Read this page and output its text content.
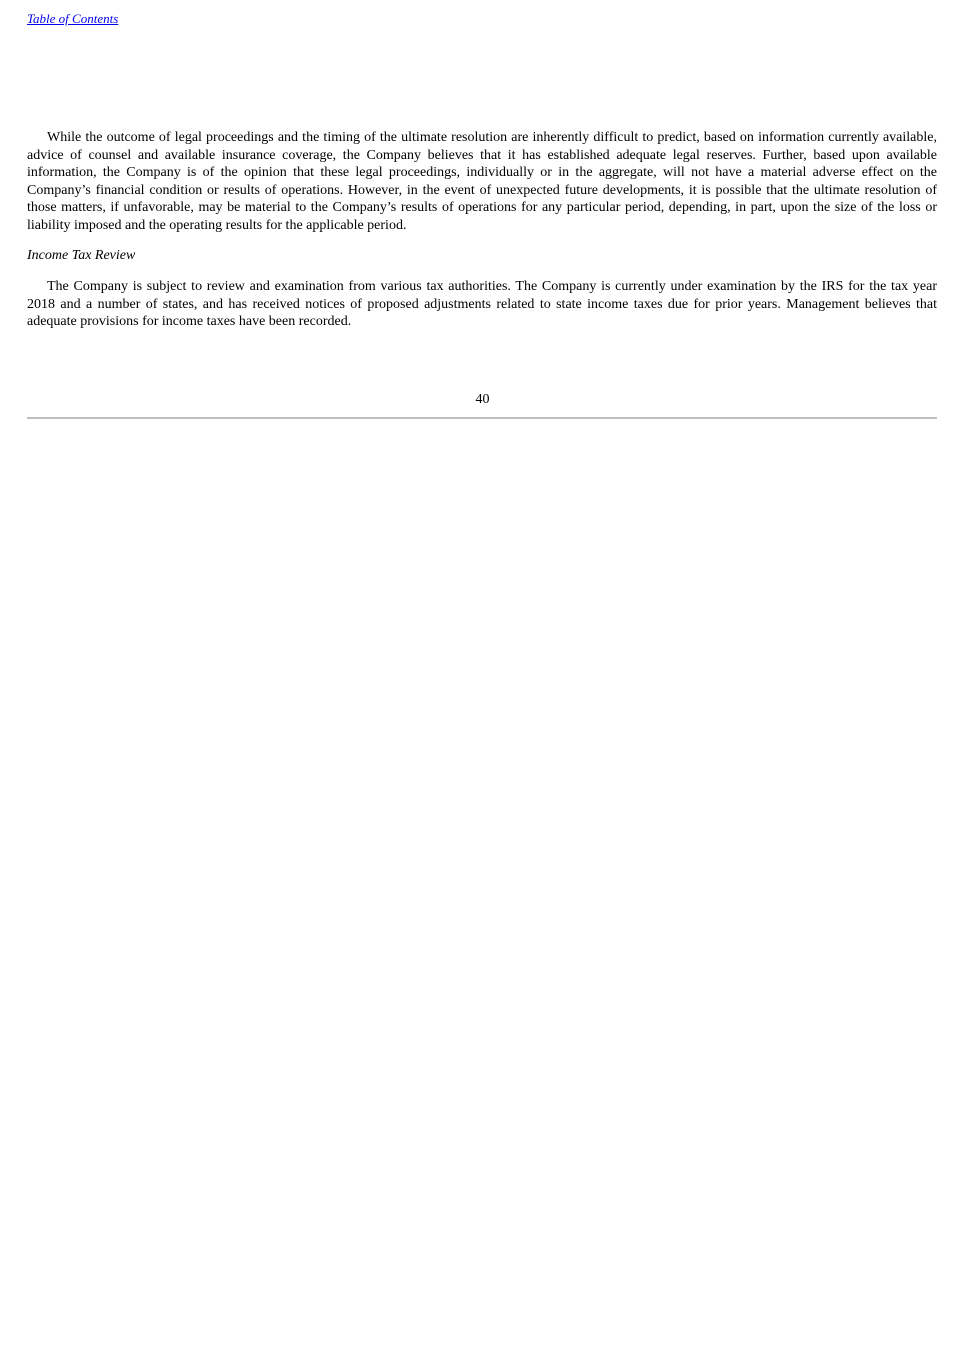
Table of Contents

While the outcome of legal proceedings and the timing of the ultimate resolution are inherently difficult to predict, based on information currently available, advice of counsel and available insurance coverage, the Company believes that it has established adequate legal reserves. Further, based upon available information, the Company is of the opinion that these legal proceedings, individually or in the aggregate, will not have a material adverse effect on the Company’s financial condition or results of operations. However, in the event of unexpected future developments, it is possible that the ultimate resolution of those matters, if unfavorable, may be material to the Company’s results of operations for any particular period, depending, in part, upon the size of the loss or liability imposed and the operating results for the applicable period.

Income Tax Review

The Company is subject to review and examination from various tax authorities. The Company is currently under examination by the IRS for the tax year 2018 and a number of states, and has received notices of proposed adjustments related to state income taxes due for prior years. Management believes that adequate provisions for income taxes have been recorded.

40
